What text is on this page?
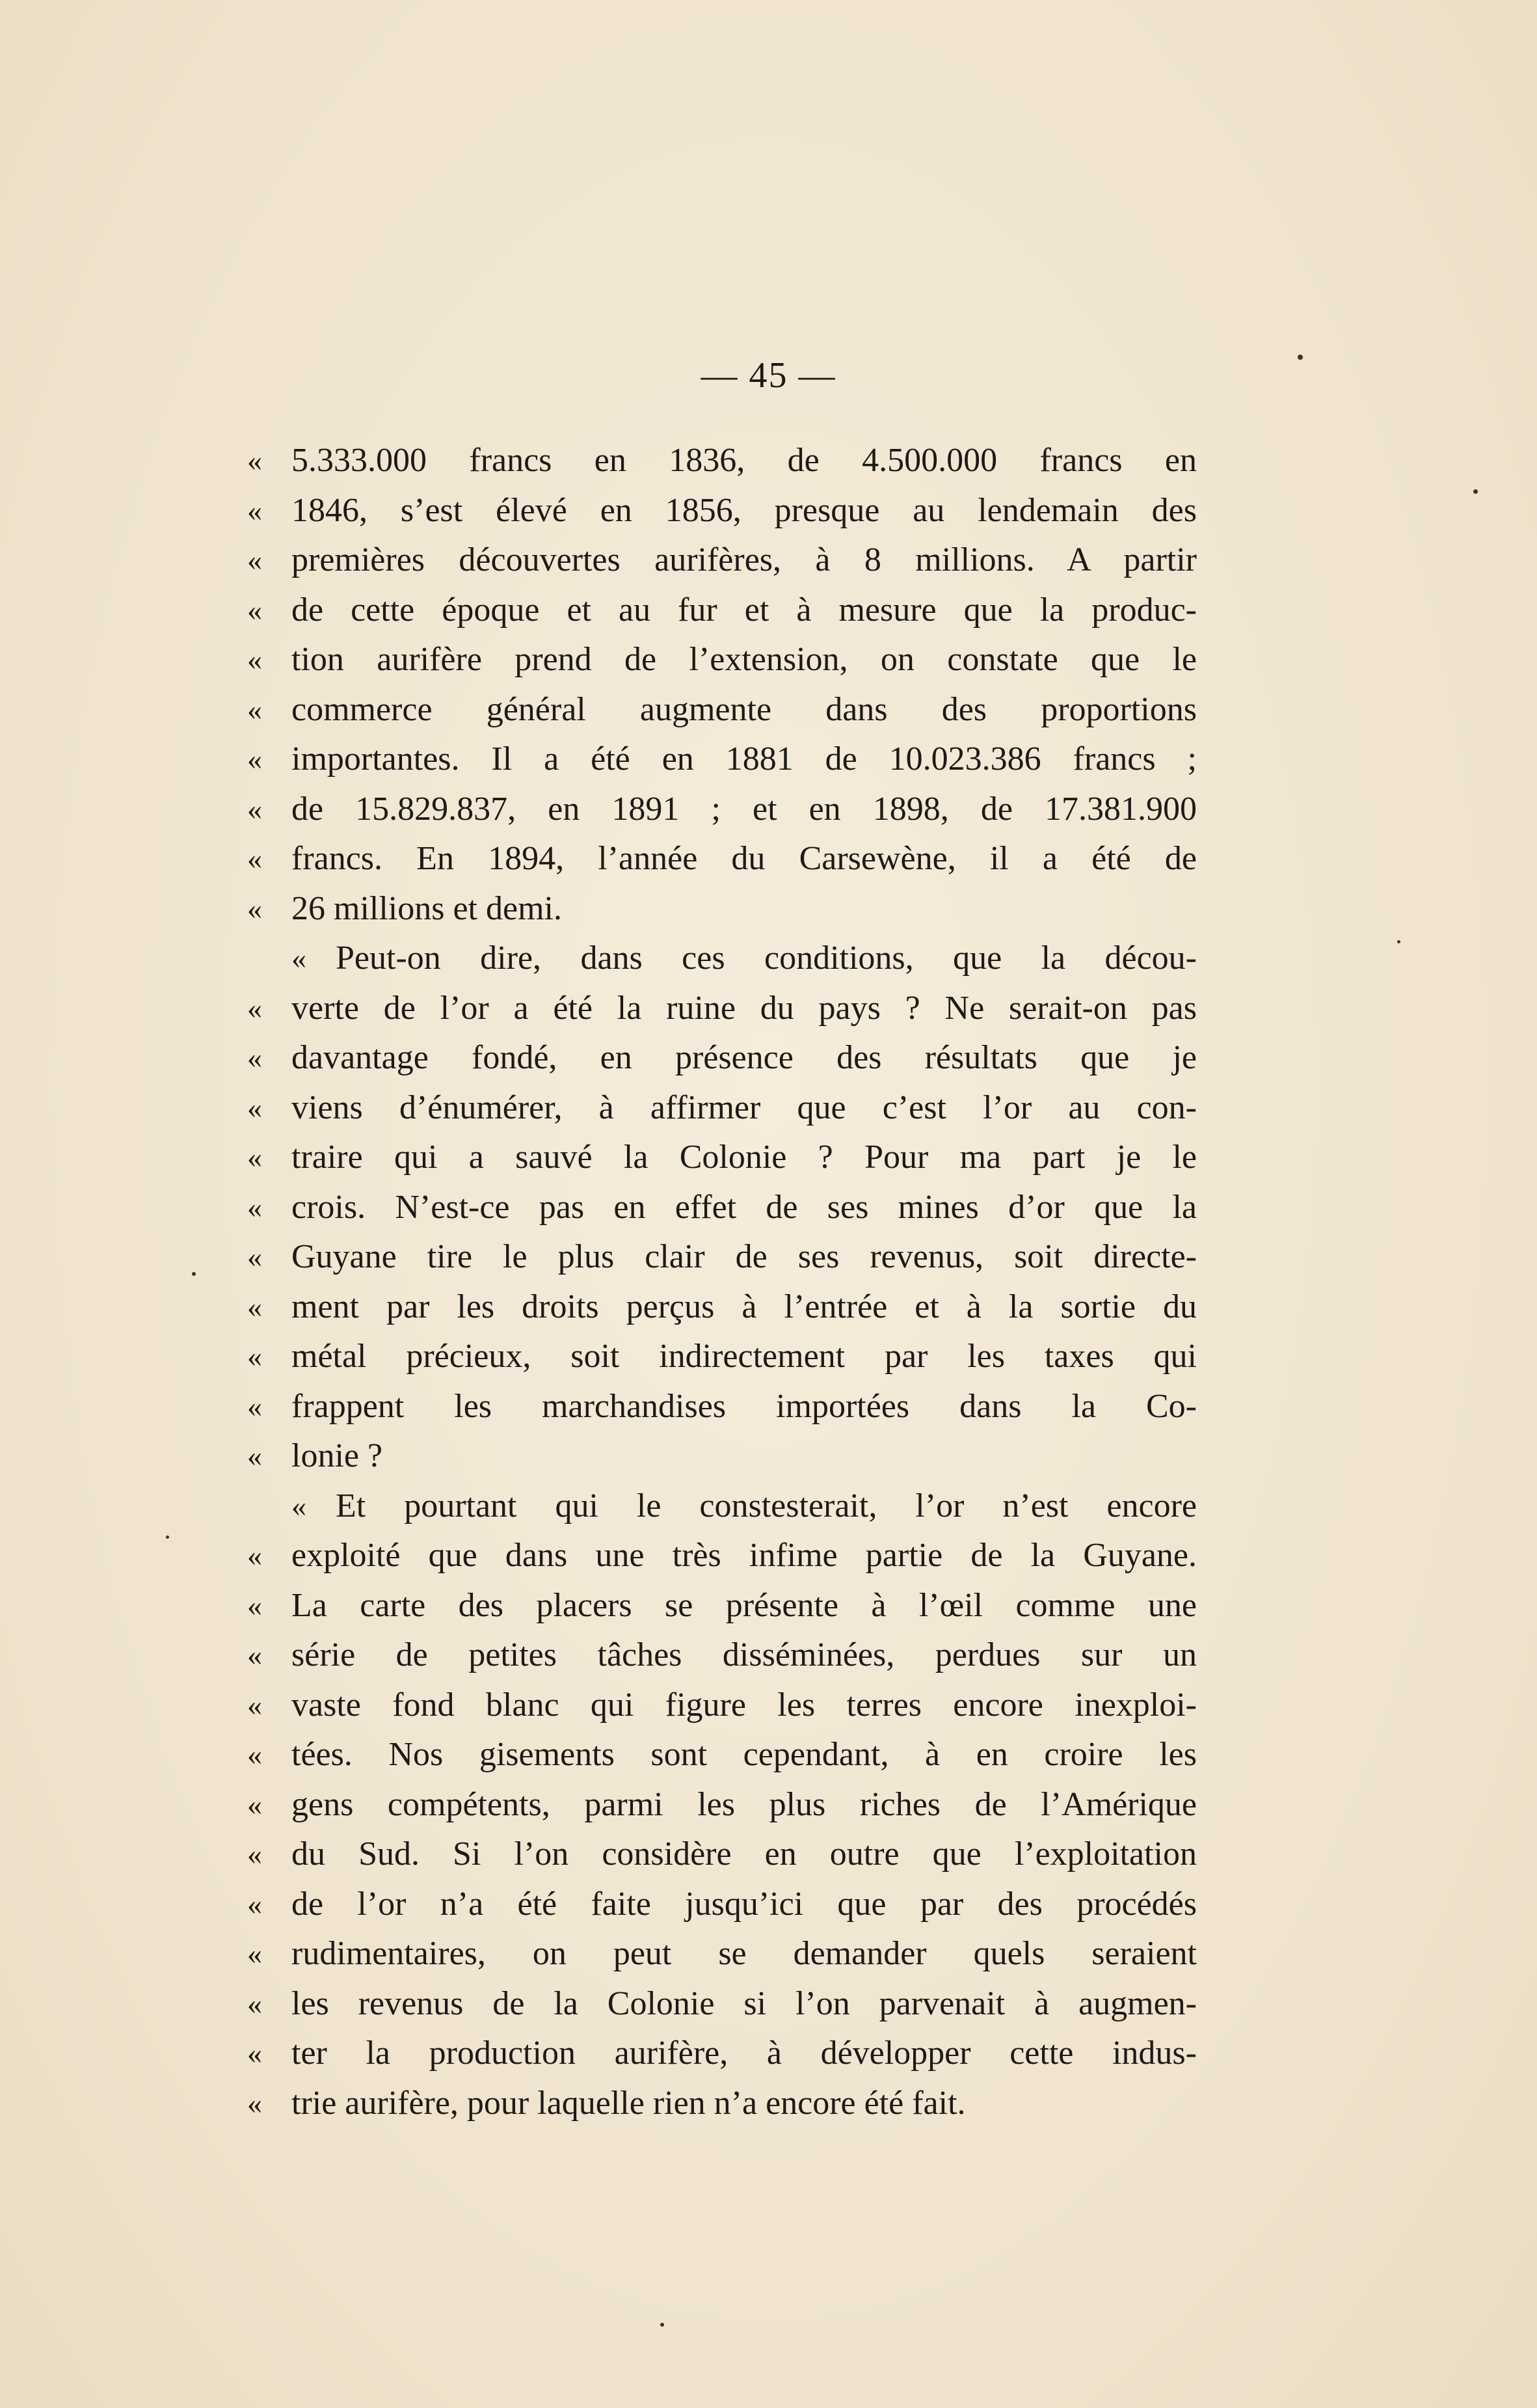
— 45 —
« 5.333.000 francs en 1836, de 4.500.000 francs en
« 1846, s’est élevé en 1856, presque au lendemain des
« premières découvertes aurifères, à 8 millions. A partir
« de cette époque et au fur et à mesure que la produc-
« tion aurifère prend de l’extension, on constate que le
« commerce général augmente dans des proportions
« importantes. Il a été en 1881 de 10.023.386 francs ;
« de 15.829.837, en 1891 ; et en 1898, de 17.381.900
« francs. En 1894, l’année du Carsewène, il a été de
« 26 millions et demi.
« Peut-on dire, dans ces conditions, que la décou-
« verte de l’or a été la ruine du pays ? Ne serait-on pas
« davantage fondé, en présence des résultats que je
« viens d’énumérer, à affirmer que c’est l’or au con-
« traire qui a sauvé la Colonie ? Pour ma part je le
« crois. N’est-ce pas en effet de ses mines d’or que la
« Guyane tire le plus clair de ses revenus, soit directe-
« ment par les droits perçus à l’entrée et à la sortie du
« métal précieux, soit indirectement par les taxes qui
« frappent les marchandises importées dans la Co-
« lonie ?
« Et pourtant qui le constesterait, l’or n’est encore
« exploité que dans une très infime partie de la Guyane.
« La carte des placers se présente à l’œil comme une
« série de petites tâches disséminées, perdues sur un
« vaste fond blanc qui figure les terres encore inexploi-
« tées. Nos gisements sont cependant, à en croire les
« gens compétents, parmi les plus riches de l’Amérique
« du Sud. Si l’on considère en outre que l’exploitation
« de l’or n’a été faite jusqu’ici que par des procédés
« rudimentaires, on peut se demander quels seraient
« les revenus de la Colonie si l’on parvenait à augmen-
« ter la production aurifère, à développer cette indus-
« trie aurifère, pour laquelle rien n’a encore été fait.
